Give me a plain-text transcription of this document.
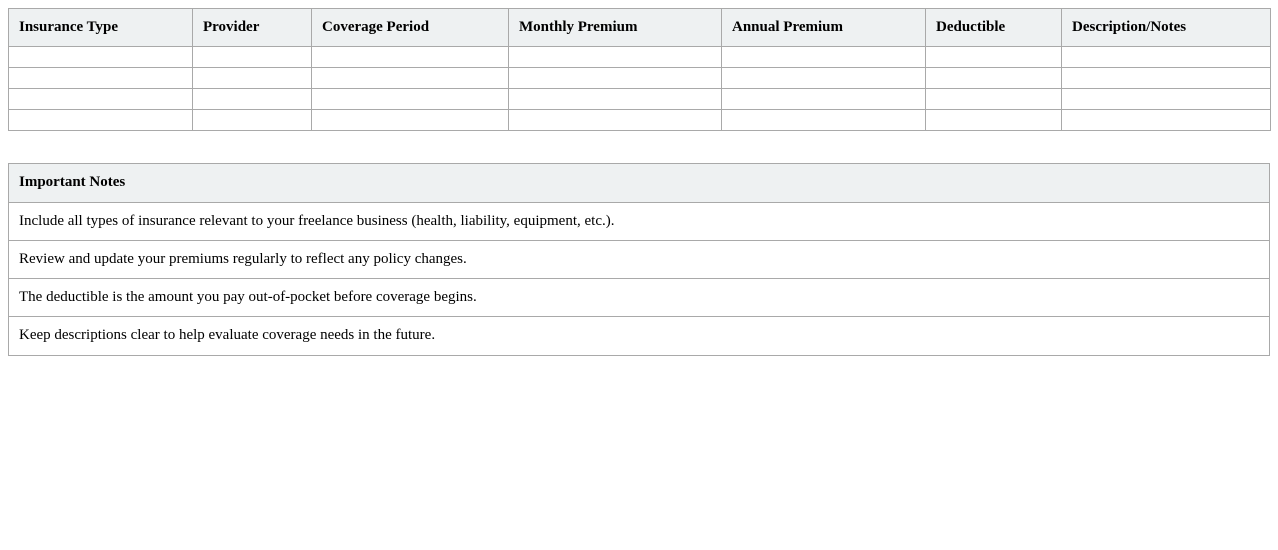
Insurance Type	Provider	Coverage Period	Monthly Premium	Annual Premium	Deductible	Description/Notes

Important Notes
Include all types of insurance relevant to your freelance business (health, liability, equipment, etc.).
Review and update your premiums regularly to reflect any policy changes.
The deductible is the amount you pay out-of-pocket before coverage begins.
Keep descriptions clear to help evaluate coverage needs in the future.
